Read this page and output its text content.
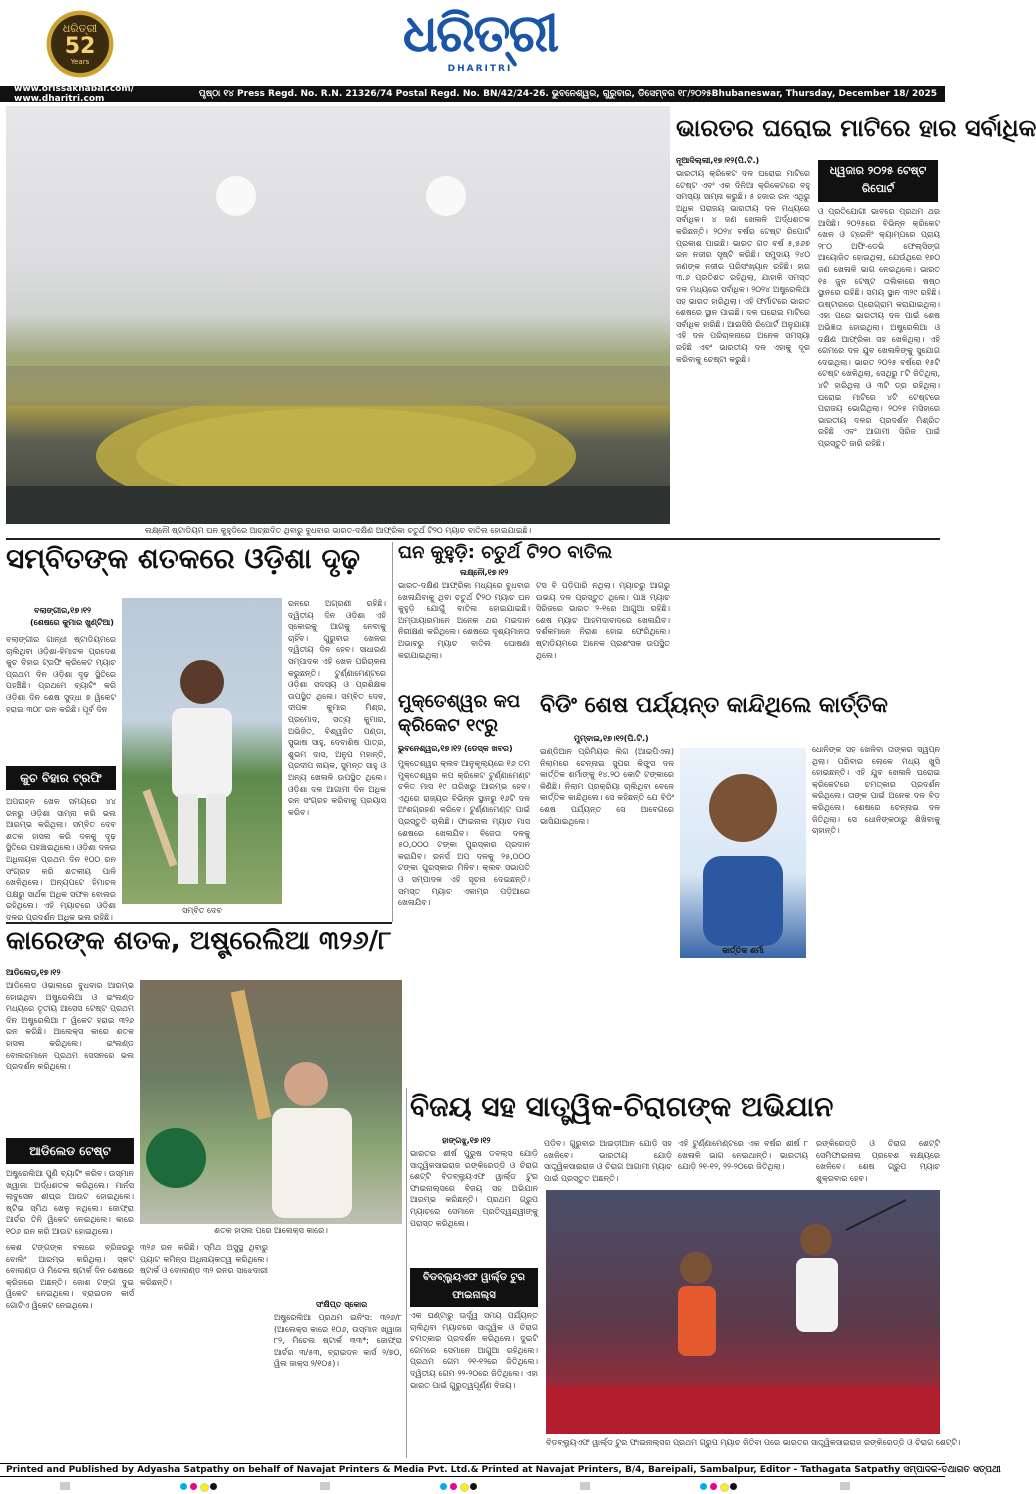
ଧରିତ୍ରୀ
52
Years	ଧରିତ୍ରୀ
DHARITRI
www.orissakhabar.com/ www.dharitri.com	ପୃଷ୍ଠା ୧୪ Press Regd. No. R.N. 21326/74 Postal Regd. No. BN/42/24-26. ଭୁବନେଶ୍ୱର, ଗୁରୁବାର, ଡିସେମ୍ବର ୧୮/୨୦୨୫ Bhubaneswar, Thursday, December 18/ 2025
ଲକ୍ଷ୍ନୌ ଷ୍ଟାଡିୟମ ଘନ କୁହୁଡ଼ିରେ ଆଚ୍ଛାଦିତ ଥିବାରୁ ବୁଧବାର ଭାରତ-ଦକ୍ଷିଣ ଆଫ୍ରିକା ଚତୁର୍ଥ ଟି୨୦ ମ୍ୟାଚ ବାତିଲ ହୋଇଯାଇଛି।
ଭାରତର ଘରୋଇ ମାଟିରେ ହାର ସର୍ବାଧିକ
ନୂଆଦିଲ୍ଲୀ,୧୭।୧୨(ପି.ଟି.)
ଧ୍ୱଜାର ୨୦୨୫ ଟେଷ୍ଟ ରିପୋର୍ଟ
ଭାରତୀୟ କ୍ରିକେଟ ଦଳ ଘରୋଇ ମାଟିରେ ଟେଷ୍ଟ ଏବଂ ଏକ ଦିନିଆ କ୍ରିକେଟରେ ବହୁ ସମସ୍ୟା ସାମ୍ନା କରୁଛି। ୫ ହଜାର ରନ ଏଥିରୁ ଅଧିକ ପରାଜୟ ଭାରତୀୟ ଦଳ ମଧ୍ୟରେ ସର୍ବାଧିକ। ୪ ଜଣ ଖେଳାଳି ଅର୍ଦ୍ଧଶତକ କରିଛନ୍ତି। ୨୦୨୪ ବର୍ଷର ଟେଷ୍ଟ ରିପୋର୍ଟ ପ୍ରକାଶ ପାଇଛି। ଭାରତ ଗତ ବର୍ଷ ୫,୫୬୭ ରନ ନଜୀର ସୃଷ୍ଟି କରିଛି। ସମୁଦାୟ ୨୪୦ ଜଣଙ୍କ ନଜୀର ପରିସଂଖ୍ୟାନ ରହିଛି। ହାର ୩.୬ ପ୍ରତିଶତ ରହିଥିଲା, ଯାହାକି ସମସ୍ତ ଦଳ ମଧ୍ୟରେ ସର୍ବାଧିକ। ୨୦୨୪ ଅଷ୍ଟ୍ରେଲିଆ ସହ ଭାରତ ହାରିଥିଲା। ଏହି ଫର୍ମାଟରେ ଭାରତ ଶେଷରେ ସ୍ଥାନ ପାଇଛି। ଦଳ ଘରୋଇ ମାଟିରେ ସର୍ବାଧିକ ହାରିଛି। ଆଇସିସି ରିପୋର୍ଟ ଅନୁଯାୟୀ ଏହି ଦଳ ପରିଚାଳନାରେ ଅନେକ ସମସ୍ୟା ରହିଛି ଏବଂ ଭାରତୀୟ ଦଳ ଏହାକୁ ଦୂର କରିବାକୁ ଚେଷ୍ଟା କରୁଛି।
ଓ ପ୍ରତିଯୋଗୀ ଭାବରେ ପ୍ରଥମ ଥର ଆସିଛି। ୨୦୨୫ରେ ବିଭିନ୍ନ କ୍ରିକେଟ ଖେଳ ଓ ଟ୍ରେନିଂ କ୍ୟାମ୍ପରେ ପ୍ରାୟ ୨୮୦ ଅଫି-ଡେଭି ଫେଲ୍ସିଙ୍ଗ ଆୟୋଜିତ ହୋଇଥିଲା, ଯେଉଁଥିରେ ୧୭୦ ଜଣ ଖେଳାଳି ଭାଗ ନେଇଥିଲେ। ଭାରତ ୧୫ ଜୁନ ଟେଷ୍ଟ ତାଲିକାରେ ଷଷ୍ଠ ସ୍ଥାନରେ ରହିଛି। ସମୟ ସ୍ଥାନ ୩୨୯ ରହିଛି। ଉଷ୍ଟାରରେ ପ୍ରୋଗ୍ରାମ କରାଯାଇଥିଲା। ଏହା ପରେ ଭାରତୀୟ ଦଳ ପାଇଁ ଶେଷ ଅଭିଜ୍ଞତା ହୋଇଥିଲା। ଅଷ୍ଟ୍ରେଲିଆ ଓ ଦକ୍ଷିଣ ଆଫ୍ରିକା ସହ ଖେଳିଥିଲା। ଏହି ଗେମରେ ଦଳ ଯୁବ ଖେଳାଳିଙ୍କୁ ସୁଯୋଗ ଦେଇଥିଲା। ଭାରତ ୨୦୨୫ ବର୍ଷରେ ୧୫ଟି ଟେଷ୍ଟ ଖେଳିଥିଲା, ସେଥିରୁ ୮ଟି ଜିତିଥିଲା, ୪ଟି ହାରିଥିଲା ଓ ୩ଟି ଡ୍ର ରହିଥିଲା। ଘରୋଇ ମାଟିରେ ୪ଟି ଟେଷ୍ଟରେ ପରାଜୟ ଭୋଗିଥିଲା। ୨୦୨୫ ମସିହାରେ ଭାରତୀୟ ଦଳର ପ୍ରଦର୍ଶନ ମିଶ୍ରିତ ରହିଛି ଏବଂ ଆଗାମୀ ସିରିଜ ପାଇଁ ପ୍ରସ୍ତୁତି ଜାରି ରହିଛି।
ସମ୍ବିତଙ୍କ ଶତକରେ ଓଡ଼ିଶା ଦୃଢ଼
ବଲାଙ୍ଗୀର,୧୭।୧୨
(ଶେଷରେ କୁମାର ଖୁଣ୍ଟିଆ)
ବଲାଙ୍ଗୀର ଗାନ୍ଧୀ ଷ୍ଟାଡିୟମରେ ଚାଲିଥିବା ଓଡ଼ିଶା-ହିମାଚଳ ପ୍ରଦେଶ କୁଚ ବିହାର ଟ୍ରଫି କ୍ରିକେଟ ମ୍ୟାଚ ପ୍ରଥମ ଦିନ ଓଡ଼ିଶା ଦୃଢ଼ ସ୍ଥିତିରେ ପହଞ୍ଚିଛି। ପ୍ରଥମେ ବ୍ୟାଟିଂ କରି ଓଡ଼ିଶା ଦିନ ଶେଷ ସୁଦ୍ଧା ୭ ୱିକେଟ ହରାଇ ୩୦୮ ରନ କରିଛି। ପୂର୍ବ ଦିନ
କୁଚ ବିହାର ଟ୍ରଫି
ଅପରାହ୍ନ ଖେଳ ସମୟରେ ୪୪ ରନରୁ ଓଡ଼ିଶା ସାମ୍ନା କରି ଭଲ ଆରମ୍ଭ କରିଥିଲା। ସମ୍ବିତ ଦେବ ଶତକ ହାସଲ କରି ଦଳକୁ ଦୃଢ଼ ସ୍ଥିତିରେ ପହଞ୍ଚାଇଥିଲେ। ଓଡ଼ିଶା ଦଳର ଅଧିନାୟକ ପ୍ରଥମ ଦିନ ୧୦୦ ରନ ସଂଗ୍ରହ କରି ଶତକୀୟ ପାଳି ଖେଳିଥିଲେ। ଅନ୍ୟପଟେ ହିମାଚଳ ପକ୍ଷରୁ ସାର୍ଥକ ଅଧିକ ସଫଳ ବୋଲର ରହିଥିଲେ। ଏହି ମ୍ୟାଚରେ ଓଡ଼ିଶା ଦଳର ପ୍ରଦର୍ଶନ ଅଧିକ ଭଲ ରହିଛି।
ସମ୍ବିତ ଦେବ
ରନରେ ଅଗ୍ରଣୀ ରହିଛି। ଦ୍ୱିତୀୟ ଦିନ ଓଡ଼ିଶା ଏହି ସ୍କୋରକୁ ଆଗକୁ ନେବାକୁ ଚାହିଁବ। ଗୁରୁବାର ଖେଳର ଦ୍ୱିତୀୟ ଦିନ ହେବ। ସାଧାରଣ ସମ୍ପାଦକ ଏହି ଖେଳ ପରିଚାଳନା କରୁଛନ୍ତି। ଟୁର୍ଣ୍ଣାମେଣ୍ଟରେ ଓଡ଼ିଶା ସଦସ୍ୟ ଓ ପ୍ରଶିକ୍ଷକ ଉପସ୍ଥିତ ଥିଲେ। ସମ୍ବିତ ଦେବ, ଦୀପକ କୁମାର ମିଶ୍ର, ପ୍ରମୋଦ, ସତ୍ୟ କୁମାର, ଅଭିଜିତ, ବିଶ୍ୱଜିତ ପଣ୍ଡା, ସୁଭାଷ ସାହୁ, ଦେବାଶିଷ ପାତ୍ର, ଶୁଭମ ଦାସ, ଅନୁପ ମହାନ୍ତି, ପ୍ରଦୀପ ନାୟକ, ସୁମନ୍ତ ସାହୁ ଓ ଅନ୍ୟ ଖେଳାଳି ଉପସ୍ଥିତ ଥିଲେ। ଓଡ଼ିଶା ଦଳ ଆଗାମୀ ଦିନ ଅଧିକ ରନ ସଂଗ୍ରହ କରିବାକୁ ପ୍ରୟାସ କରିବ।
ଘନ କୁହୁଡ଼ି: ଚତୁର୍ଥ ଟି୨୦ ବାତିଲ
ଲକ୍ଷ୍ନୌ,୧୭।୧୨
ଭାରତ-ଦକ୍ଷିଣ ଆଫ୍ରିକା ମଧ୍ୟରେ ବୁଧବାର ଖେଳାଯିବାକୁ ଥିବା ଚତୁର୍ଥ ଟି୨୦ ମ୍ୟାଚ ଘନ କୁହୁଡ଼ି ଯୋଗୁଁ ବାତିଲ ହୋଇଯାଇଛି। ଅମ୍ପାୟାରମାନେ ଅନେକ ଥର ମଇଦାନ ନିରୀକ୍ଷଣ କରିଥିଲେ। ଶେଷରେ ଦୃଶ୍ୟମାନତା ଅଭାବରୁ ମ୍ୟାଚ ବାତିଲ ଘୋଷଣା କରାଯାଇଥିଲା।
ଟସ ବି ପଡ଼ିପାରି ନଥିଲା। ମ୍ୟାଚରୁ ଆଗରୁ ଉଭୟ ଦଳ ପ୍ରସ୍ତୁତ ଥିଲେ। ପାଞ୍ଚ ମ୍ୟାଚ ସିରିଜରେ ଭାରତ ୨-୧ରେ ଆଗୁଆ ରହିଛି। ଶେଷ ମ୍ୟାଚ ଆହମଦାବାଦରେ ଖେଳାଯିବ। ଦର୍ଶକମାନେ ନିରାଶ ହୋଇ ଫେରିଥିଲେ। ଷ୍ଟାଡିୟମରେ ଅନେକ ପ୍ରଶଂସକ ଉପସ୍ଥିତ ଥିଲେ।
ମୁକ୍ତେଶ୍ୱର କପ କ୍ରିକେଟ ୧୯ରୁ
ଭୁବନେଶ୍ୱର,୧୭।୧୨ (ଡେସ୍କ ଖବର)
ମୁକ୍ତେଶ୍ୱର କ୍ଲବ ଆନୁକୂଲ୍ୟରେ ୧୬ ତମ ମୁକ୍ତେଶ୍ୱର କପ କ୍ରିକେଟ ଟୁର୍ଣ୍ଣାମେଣ୍ଟ ଚଳିତ ମାସ ୧୯ ତାରିଖରୁ ଆରମ୍ଭ ହେବ। ଏଥିରେ ରାଜ୍ୟର ବିଭିନ୍ନ ସ୍ଥାନରୁ ୧୬ଟି ଦଳ ଅଂଶଗ୍ରହଣ କରିବେ। ଟୁର୍ଣ୍ଣାମେଣ୍ଟ ପାଇଁ ପ୍ରସ୍ତୁତି ଚାଲିଛି। ଫାଇନାଲ ମ୍ୟାଚ ମାସ ଶେଷରେ ଖେଳାଯିବ। ବିଜେତା ଦଳକୁ ୫୦,୦୦୦ ଟଙ୍କା ପୁରସ୍କାର ପ୍ରଦାନ କରାଯିବ। ରନର୍ସ ଅପ ଦଳକୁ ୨୫,୦୦୦ ଟଙ୍କା ପୁରସ୍କାର ମିଳିବ। କ୍ଲବ ସଭାପତି ଓ ସମ୍ପାଦକ ଏହି ସୂଚନା ଦେଇଛନ୍ତି। ସମସ୍ତ ମ୍ୟାଚ ଏକାମ୍ର ପଡ଼ିଆରେ ଖେଳାଯିବ।
ବିଡିଂ ଶେଷ ପର୍ଯ୍ୟନ୍ତ କାନ୍ଦିଥିଲେ କାର୍ତ୍ତିକ
ମୁମ୍ବାଇ,୧୭।୧୨(ପି.ଟି.)
ଇଣ୍ଡିଆନ ପ୍ରିମିୟର ଲିଗ (ଆଇପିଏଲ) ନିଲାମରେ ଚେନ୍ନାଇ ସୁପର କିଙ୍ଗ୍ସ ଦଳ କାର୍ତ୍ତିକ ଶର୍ମାଙ୍କୁ ୧୪.୨୦ କୋଟି ଟଙ୍କାରେ କିଣିଛି। ନିଲାମ ପ୍ରକ୍ରିୟା ଚାଲିଥିବା ବେଳେ କାର୍ତ୍ତିକ କାନ୍ଦିଥିଲେ। ସେ କହିଛନ୍ତି ଯେ ବିଡିଂ ଶେଷ ପର୍ଯ୍ୟନ୍ତ ସେ ଆବେଗରେ ଭାସିଯାଇଥିଲେ।
କାର୍ତ୍ତିକ ଶର୍ମା
ଧୋନିଙ୍କ ସହ ଖେଳିବା ତାଙ୍କର ସ୍ୱପ୍ନ ଥିଲା। ପରିବାର ଲୋକେ ମଧ୍ୟ ଖୁସି ହୋଇଛନ୍ତି। ଏହି ଯୁବ ଖେଳାଳି ଘରୋଇ କ୍ରିକେଟରେ ଚମତ୍କାର ପ୍ରଦର୍ଶନ କରିଥିଲେ। ତାଙ୍କ ପାଇଁ ଅନେକ ଦଳ ବିଡ଼ କରିଥିଲେ। ଶେଷରେ ଚେନ୍ନାଇ ଦଳ ଜିତିଥିଲା। ସେ ଧୋନିଙ୍କଠାରୁ ଶିଖିବାକୁ ଚାହାନ୍ତି।
କାରେଙ୍କ ଶତକ, ଅଷ୍ଟ୍ରେଲିଆ ୩୨୬/୮
ଆଡିଲେଡ୍,୧୭।୧୨
ଆଡିଲେଡ ଓଭାଲରେ ବୁଧବାର ଆରମ୍ଭ ହୋଇଥିବା ଅଷ୍ଟ୍ରେଲିଆ ଓ ଇଂଲଣ୍ଡ ମଧ୍ୟରେ ତୃତୀୟ ଆସେସ ଟେଷ୍ଟ ପ୍ରଥମ ଦିନ ଅଷ୍ଟ୍ରେଲିଆ ୮ ୱିକେଟ ହରାଇ ୩୨୬ ରନ କରିଛି। ଆଲେକ୍ସ କାରେ ଶତକ ହାସଲ କରିଥିଲେ। ଇଂଲଣ୍ଡ ବୋଲରମାନେ ପ୍ରଥମ ସେସନରେ ଭଲ ପ୍ରଦର୍ଶନ କରିଥିଲେ।
ଆଡିଲେଡ ଟେଷ୍ଟ
ଅଷ୍ଟ୍ରେଲିଆ ପୁଣି ବ୍ୟାଟିଂ କରିବ। ଉସ୍ମାନ ଖ୍ୱାଜା ଅର୍ଦ୍ଧଶତକ କରିଥିଲେ। ମାର୍ନସ ଲାବୁସେନ ଶୀଘ୍ର ଆଉଟ ହୋଇଥିଲେ। ଷ୍ଟିଭ ସ୍ମିଥ ଖେଳୁ ନଥିଲେ। ଜୋଫ୍ରା ଆର୍ଚର ତିନି ୱିକେଟ ନେଇଥିଲେ। କାରେ ୧୦୬ ରନ କରି ଆଉଟ ହୋଇଥିଲେ।	ଶତକ ହାସଲ ପରେ ଆଲେକ୍ସ କାରେ।
କେଶ ଟଙ୍ଗଙ୍କ ବଲରେ ବ୍ରିଜରରୁ ବୋଲିଂ ଆରମ୍ଭ କରିଥିଲା। ସ୍କଟ ବୋଲାଣ୍ଡ ଓ ମିଚେଲ ଷ୍ଟାର୍କ ଦିନ ଶେଷରେ କ୍ରିଜରେ ଅଛନ୍ତି। ଜୋଶ ଟଙ୍ଗ ଦୁଇ ୱିକେଟ ନେଇଥିଲେ। ବ୍ରାଇଡନ କାର୍ସ ଗୋଟିଏ ୱିକେଟ ନେଇଥିଲେ।
୩୨୬ ରନ କରିଛି। ସ୍ମିଥ ଅସୁସ୍ଥ ଥିବାରୁ ପ୍ୟାଟ କମିନ୍ସ ଅଧିନାୟକତ୍ୱ କରିଥିଲେ। ଷ୍ଟାର୍କ ଓ ବୋଲାଣ୍ଡ ୩୨ ରନର ସାଝେଦାରୀ କରିଛନ୍ତି।
ସଂକ୍ଷିପ୍ତ ସ୍କୋର
ଅଷ୍ଟ୍ରେଲିଆ ପ୍ରଥମ ଇନିଂସ: ୩୨୬/୮ (ଆଲେକ୍ସ କାରେ ୧୦୬, ଉସ୍ମାନ ଖ୍ୱାଜା ୮୨, ମିଚେଲ ଷ୍ଟାର୍କ ୩୩*; ଜୋଫ୍ରା ଆର୍ଚର ୩/୫୩, ବ୍ରାଇଡନ କାର୍ସ ୨/୭୦, ୱିଲ ଜାକ୍ସ ୨/୧୦୫)।
ବିଜୟ ସହ ସାତ୍ତ୍ୱିକ-ଚିରାଗଙ୍କ ଅଭିଯାନ
ହାଙ୍ଗଝୁ,୧୭।୧୨
ଭାରତର ଶୀର୍ଷ ପୁରୁଷ ଡବଲ୍ସ ଯୋଡ଼ି ସାତ୍ତ୍ୱିକସାଇରାଜ ରଙ୍କିରେଡ୍ଡି ଓ ଚିରାଗ ଶେଟ୍ଟି ବିଡବ୍ଲ୍ୟୁଏଫ ୱାର୍ଲ୍ଡ ଟୁର ଫାଇନାଲ୍ସରେ ବିଜୟ ସହ ଅଭିଯାନ ଆରମ୍ଭ କରିଛନ୍ତି। ପ୍ରଥମ ଗ୍ରୁପ ମ୍ୟାଚରେ ସେମାନେ ପ୍ରତିଦ୍ୱନ୍ଦ୍ୱୀଙ୍କୁ ପରାସ୍ତ କରିଥିଲେ।
ପଡ଼ିବ। ଗୁରୁବାର ଆଇଡ଼ୀଆନ ଯୋଡ଼ି ସହ ଖେଳିବେ। ଭାରତୀୟ ଯୋଡ଼ି ସାତ୍ତ୍ୱିକସାଇରାଜ ଓ ଚିରାଗ ଆଗାମୀ ମ୍ୟାଚ ପାଇଁ ପ୍ରସ୍ତୁତ ଅଛନ୍ତି।
ରଙ୍କିରେଡ୍ଡି ଓ ଚିରାଗ ଶେଟ୍ଟି ସେମିଫାଇନାଲ ପ୍ରବେଶ ଲକ୍ଷ୍ୟରେ ଖେଳିବେ। ଶେଷ ଗ୍ରୁପ ମ୍ୟାଚ ଶୁକ୍ରବାର ହେବ।
ଏହି ଟୁର୍ଣ୍ଣାମେଣ୍ଟରେ ଏକ ବର୍ଷର ଶୀର୍ଷ ୮ ଖେଳାଳି ଭାଗ ନେଇଥାନ୍ତି। ଭାରତୀୟ ଯୋଡ଼ି ୨୧-୧୨, ୨୨-୨୦ରେ ଜିତିଥିଲା।
ବିଡବ୍ଲ୍ୟୁଏଫ ୱାର୍ଲ୍ଡ ଟୁର ଫାଇନାଲ୍ସ
ଏକ ଘଣ୍ଟାରୁ ଊର୍ଦ୍ଧ୍ୱ ସମୟ ପର୍ଯ୍ୟନ୍ତ ଚାଲିଥିବା ମ୍ୟାଚରେ ସାତ୍ତ୍ୱିକ ଓ ଚିରାଗ ଚମତ୍କାର ପ୍ରଦର୍ଶନ କରିଥିଲେ। ଦୁଇଟି ଗେମରେ ସେମାନେ ଆଗୁଆ ରହିଥିଲେ। ପ୍ରଥମ ଗେମ ୨୧-୧୨ରେ ଜିତିଥିଲେ। ଦ୍ୱିତୀୟ ଗେମ ୨୨-୨୦ରେ ଜିତିଥିଲେ। ଏହା ଭାରତ ପାଇଁ ଗୁରୁତ୍ୱପୂର୍ଣ୍ଣ ବିଜୟ।
ବିଡବ୍ଲ୍ୟୁଏଫ ୱାର୍ଲ୍ଡ ଟୁର ଫାଇନାଲ୍ସର ପ୍ରଥମ ଗ୍ରୁପ ମ୍ୟାଚ ଜିତିବା ପରେ ଭାରତର ସାତ୍ତ୍ୱିକସାଇରାଜ ରଙ୍କିରେଡ୍ଡି ଓ ଚିରାଗ ଶେଟ୍ଟି।
Printed and Published by Adyasha Satpathy on behalf of Navajat Printers & Media Pvt. Ltd.& Printed at Navajat Printers, B/4, Bareipali, Sambalpur, Editor - Tathagata Satpathy ସମ୍ପାଦକ-ତଥାଗତ ସତ୍ପଥୀ
